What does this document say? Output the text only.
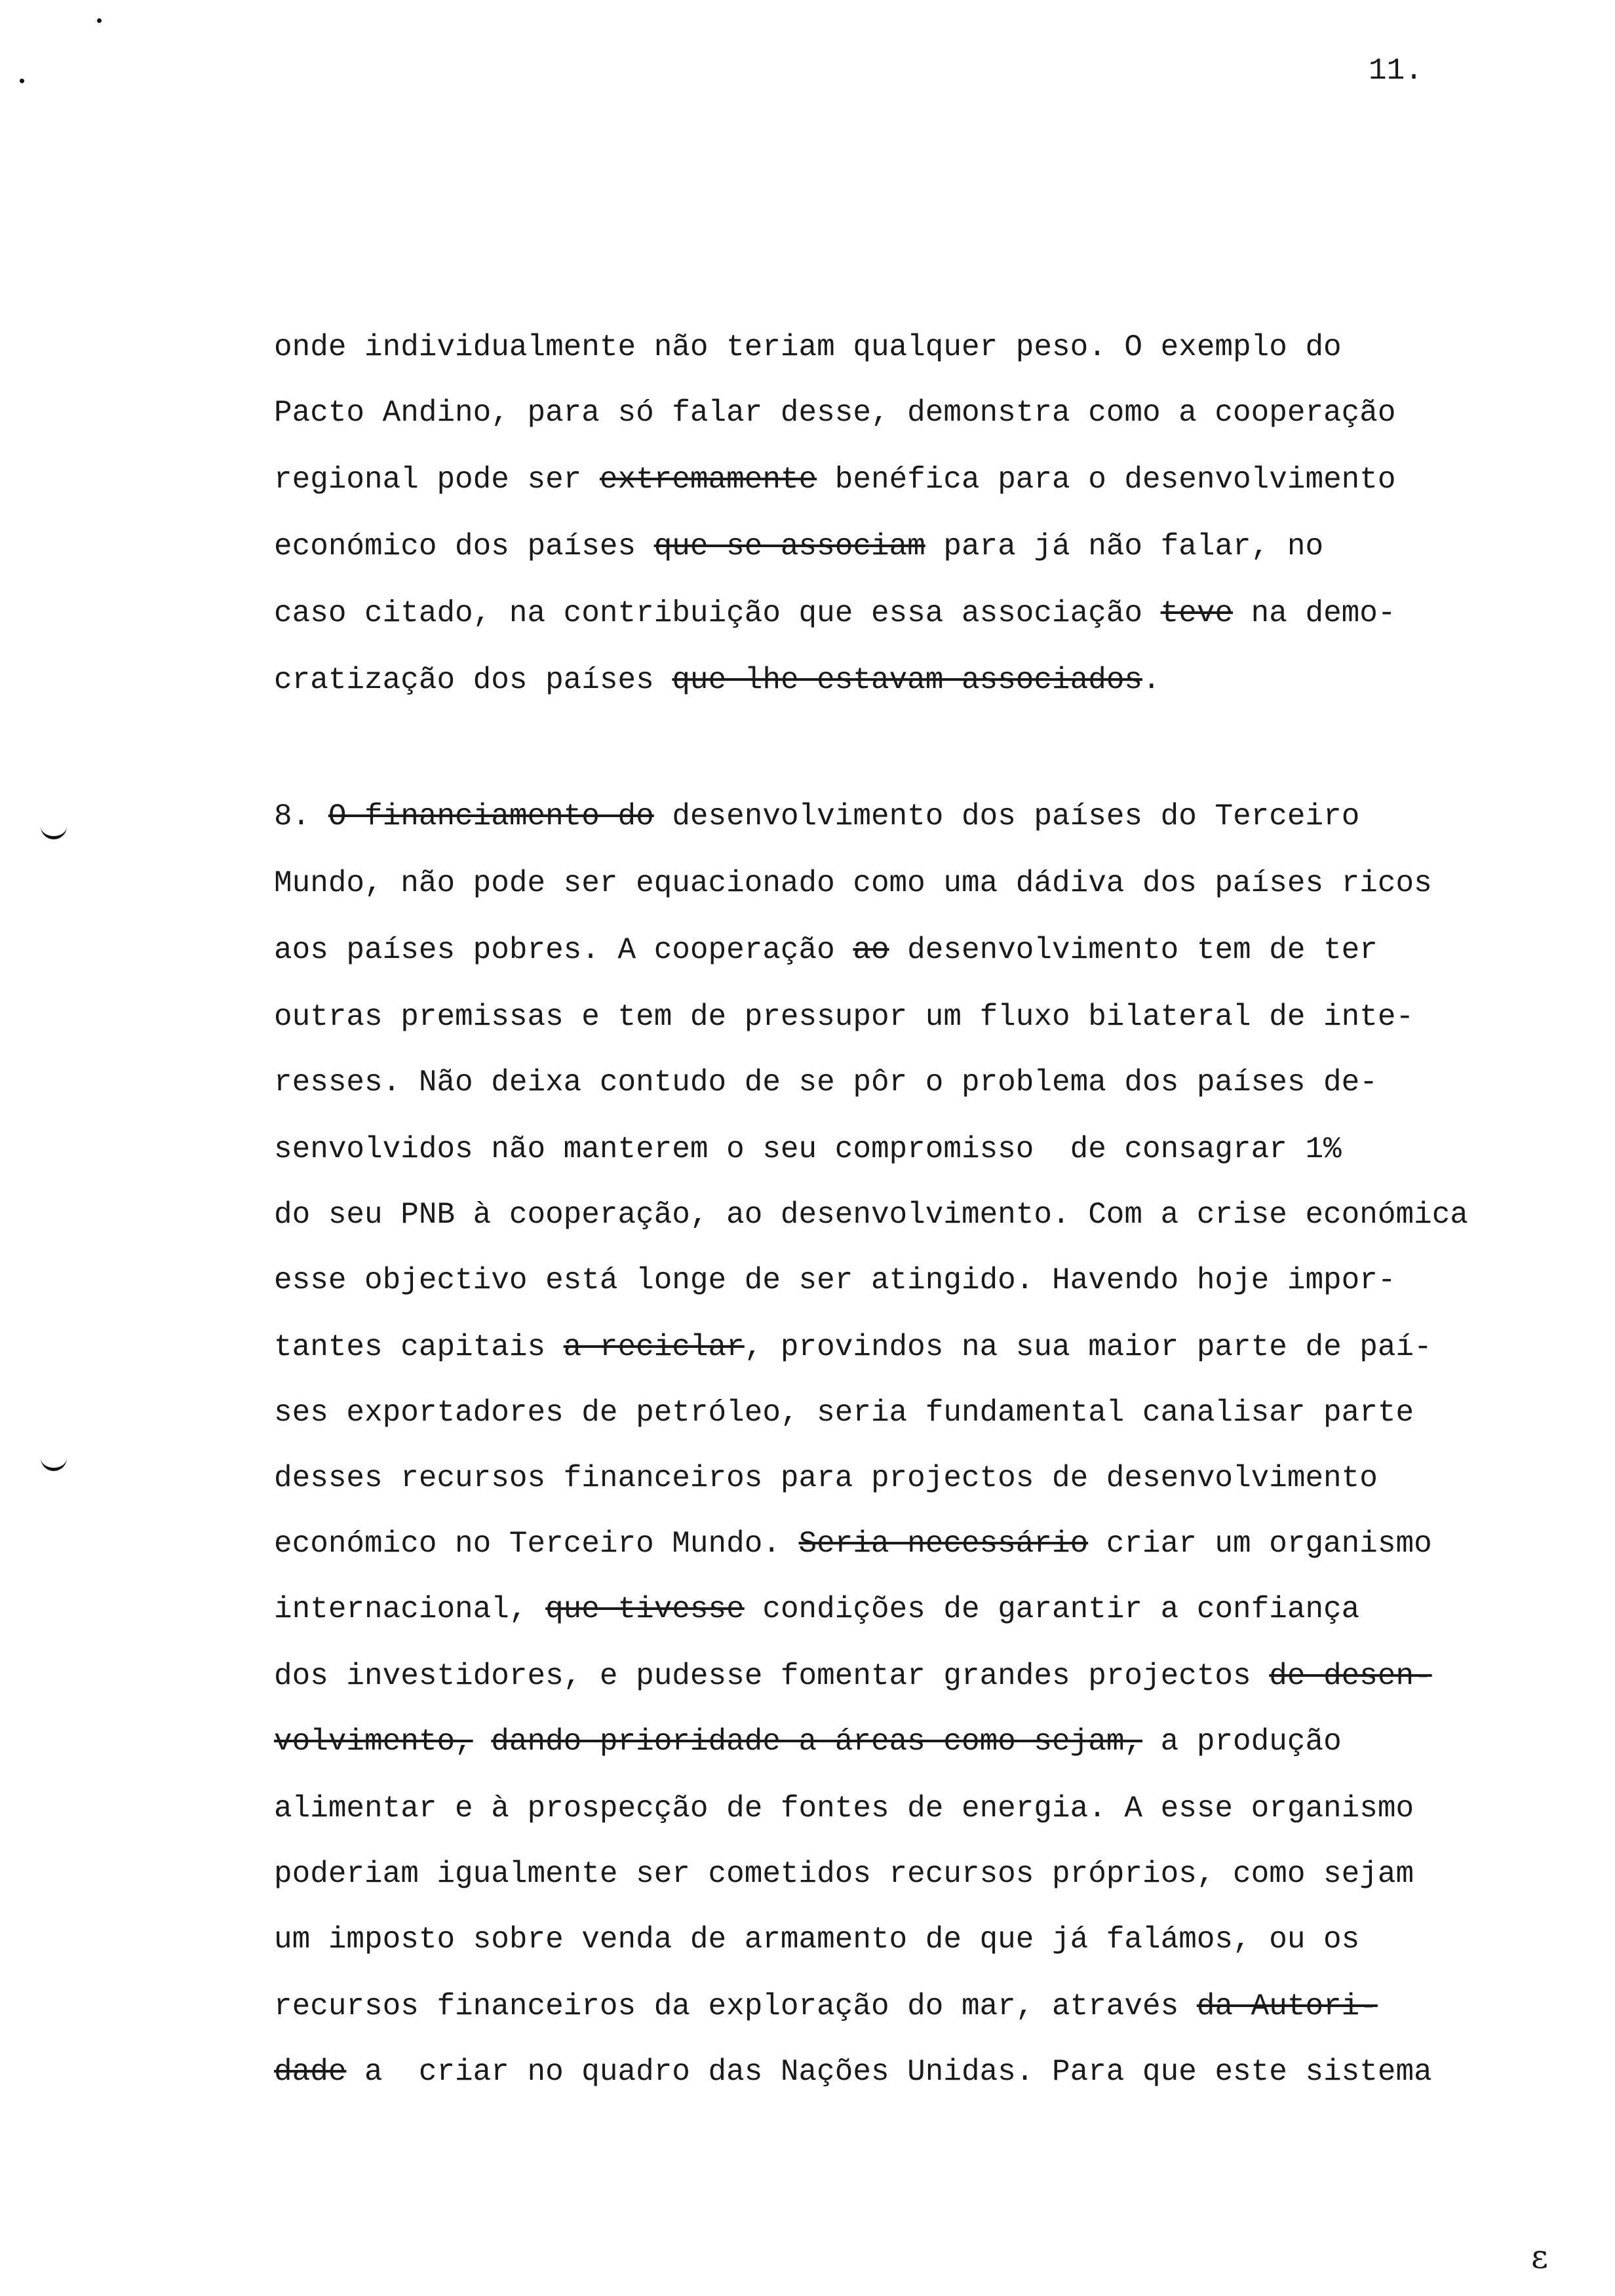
11.
onde individualmente não teriam qualquer peso. O exemplo do
Pacto Andino, para só falar desse, demonstra como a cooperação
regional pode ser extremamente benéfica para o desenvolvimento
económico dos países que se associam para já não falar, no
caso citado, na contribuição que essa associação teve na demo-
cratização dos países que lhe estavam associados.
8. O financiamento do desenvolvimento dos países do Terceiro
Mundo, não pode ser equacionado como uma dádiva dos países ricos
aos países pobres. A cooperação ao desenvolvimento tem de ter
outras premissas e tem de pressupor um fluxo bilateral de inte-
resses. Não deixa contudo de se pôr o problema dos países de-
senvolvidos não manterem o seu compromisso  de consagrar 1%
do seu PNB à cooperação, ao desenvolvimento. Com a crise económica
esse objectivo está longe de ser atingido. Havendo hoje impor-
tantes capitais a reciclar, provindos na sua maior parte de paí-
ses exportadores de petróleo, seria fundamental canalisar parte
desses recursos financeiros para projectos de desenvolvimento
económico no Terceiro Mundo. Seria necessário criar um organismo
internacional, que tivesse condições de garantir a confiança
dos investidores, e pudesse fomentar grandes projectos de desen-
volvimento, dando prioridade a áreas como sejam, a produção
alimentar e à prospecção de fontes de energia. A esse organismo
poderiam igualmente ser cometidos recursos próprios, como sejam
um imposto sobre venda de armamento de que já falámos, ou os
recursos financeiros da exploração do mar, através da Autori-
dade a  criar no quadro das Nações Unidas. Para que este sistema
ε
